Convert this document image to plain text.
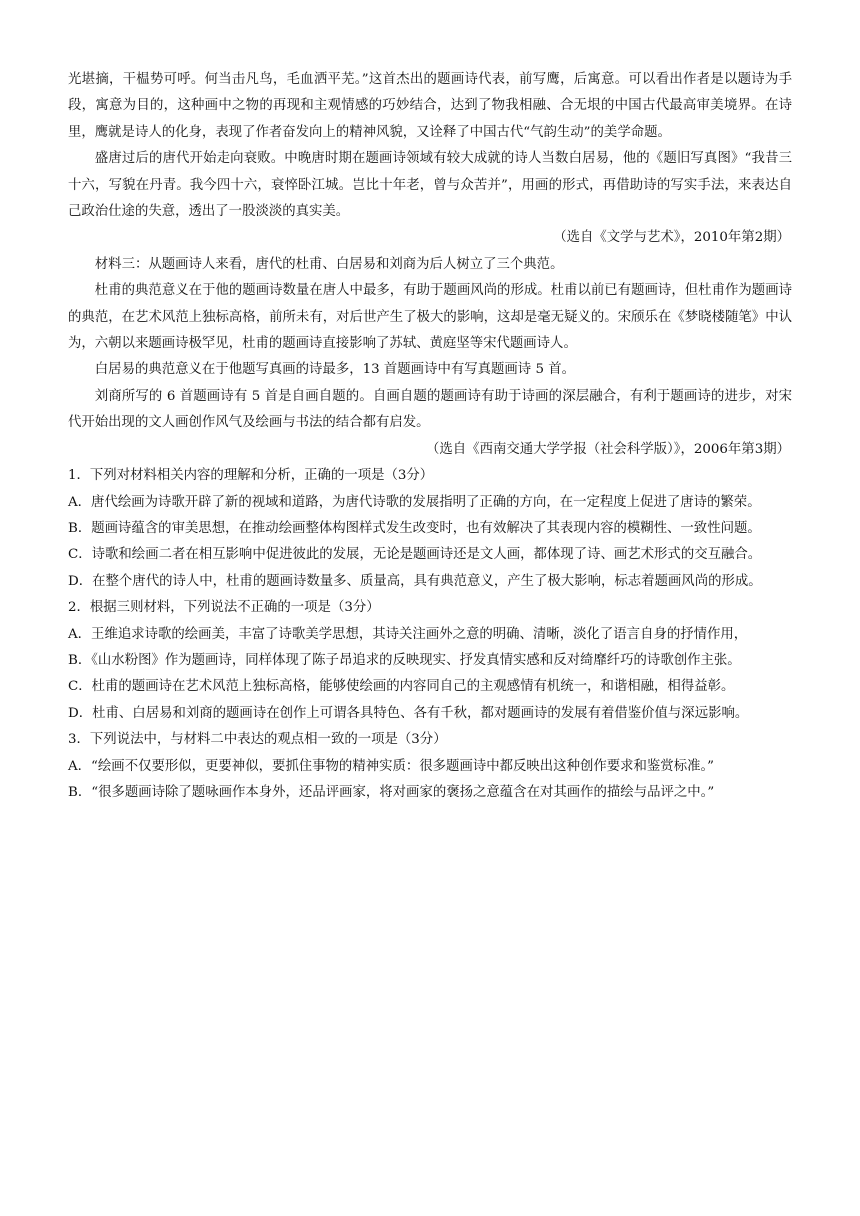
光堪摘，干榅势可呼。何当击凡鸟，毛血洒平芜。”这首杰出的题画诗代表，前写鹰，后寓意。可以看出作者是以题诗为手段，寓意为目的，这种画中之物的再现和主观情感的巧妙结合，达到了物我相融、合无垠的中国古代最高审美境界。在诗里，鹰就是诗人的化身，表现了作者奋发向上的精神风貌，又诠释了中国古代“气韵生动”的美学命题。

盛唐过后的唐代开始走向衰败。中晚唐时期在题画诗领域有较大成就的诗人当数白居易，他的《题旧写真图》“我昔三十六，写貌在丹青。我今四十六，衰悴卧江城。岂比十年老，曾与众苦并”，用画的形式，再借助诗的写实手法，来表达自己政治仕途的失意，透出了一股淡淡的真实美。

（选自《文学与艺术》，2010年第2期）

材料三：从题画诗人来看，唐代的杜甫、白居易和刘商为后人树立了三个典范。

杜甫的典范意义在于他的题画诗数量在唐人中最多，有助于题画风尚的形成。杜甫以前已有题画诗，但杜甫作为题画诗的典范，在艺术风范上独标高格，前所未有，对后世产生了极大的影响，这却是毫无疑义的。宋颀乐在《梦晓楼随笔》中认为，六朝以来题画诗极罕见，杜甫的题画诗直接影响了苏轼、黄庭坚等宋代题画诗人。

白居易的典范意义在于他题写真画的诗最多，13 首题画诗中有写真题画诗 5 首。

刘商所写的 6 首题画诗有 5 首是自画自题的。自画自题的题画诗有助于诗画的深层融合，有利于题画诗的进步，对宋代开始出现的文人画创作风气及绘画与书法的结合都有启发。

（选自《西南交通大学学报（社会科学版）》，2006年第3期）

1．下列对材料相关内容的理解和分析，正确的一项是（3分）

A．唐代绘画为诗歌开辟了新的视域和道路，为唐代诗歌的发展指明了正确的方向，在一定程度上促进了唐诗的繁荣。

B．题画诗蕴含的审美思想，在推动绘画整体构图样式发生改变时，也有效解决了其表现内容的模糊性、一致性问题。

C．诗歌和绘画二者在相互影响中促进彼此的发展，无论是题画诗还是文人画，都体现了诗、画艺术形式的交互融合。

D．在整个唐代的诗人中，杜甫的题画诗数量多、质量高，具有典范意义，产生了极大影响，标志着题画风尚的形成。

2．根据三则材料，下列说法不正确的一项是（3分）

A．王维追求诗歌的绘画美，丰富了诗歌美学思想，其诗关注画外之意的明确、清晰，淡化了语言自身的抒情作用，

B．《山水粉图》作为题画诗，同样体现了陈子昂追求的反映现实、抒发真情实感和反对绮靡纤巧的诗歌创作主张。

C．杜甫的题画诗在艺术风范上独标高格，能够使绘画的内容同自己的主观感情有机统一，和谐相融，相得益彰。

D．杜甫、白居易和刘商的题画诗在创作上可谓各具特色、各有千秋，都对题画诗的发展有着借鉴价值与深远影响。

3．下列说法中，与材料二中表达的观点相一致的一项是（3分）

A．“绘画不仅要形似，更要神似，要抓住事物的精神实质：很多题画诗中都反映出这种创作要求和鉴赏标准。”

B．“很多题画诗除了题咏画作本身外，还品评画家，将对画家的褒扬之意蕴含在对其画作的描绘与品评之中。”
